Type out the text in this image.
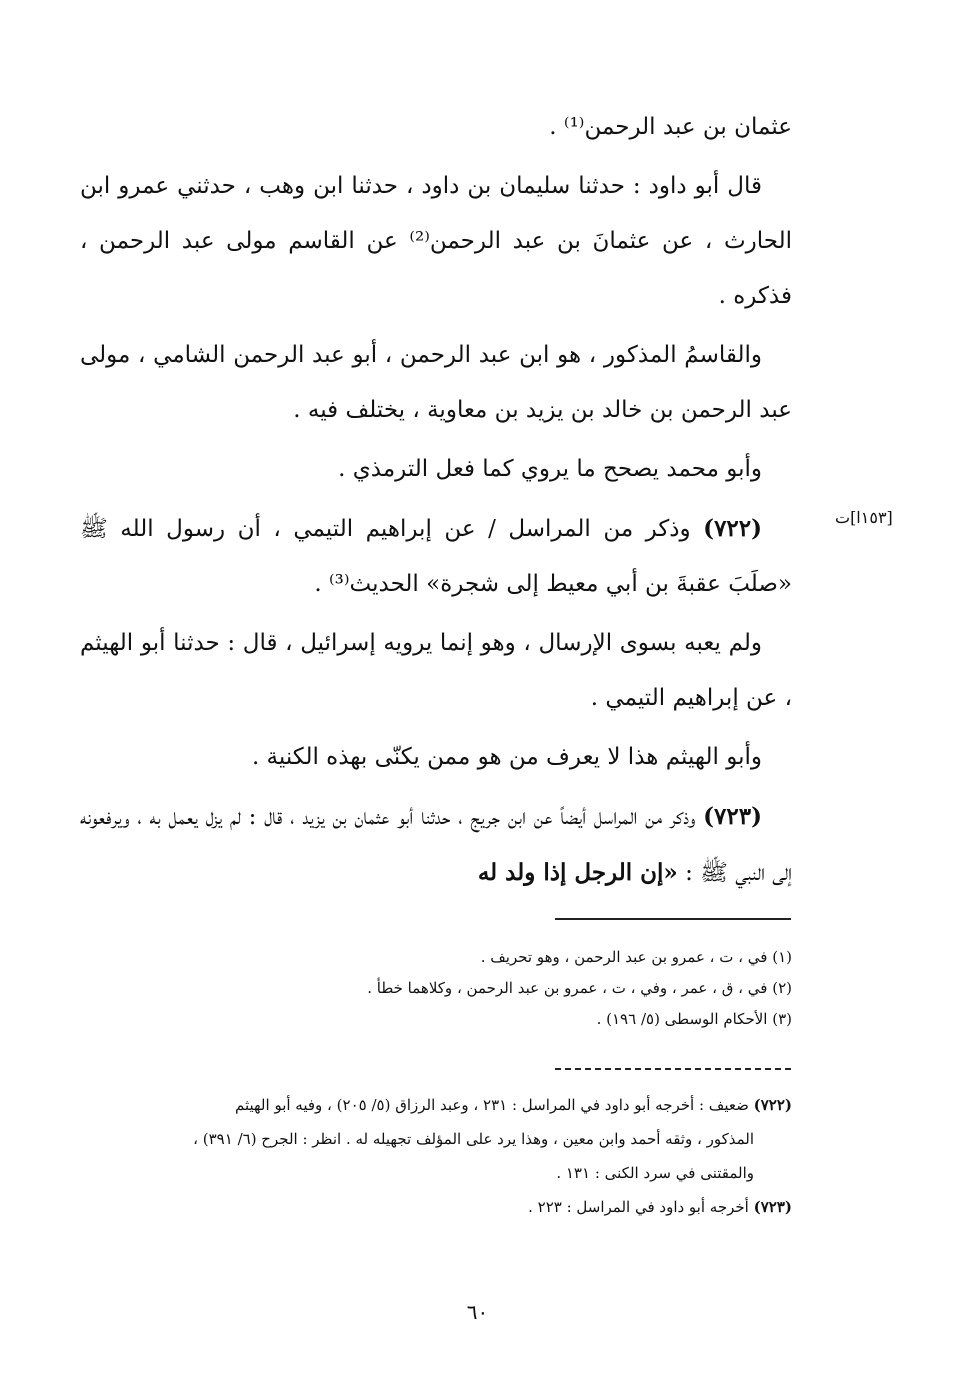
عثمان بن عبد الرحمن⁽¹⁾ .

قال أبو داود : حدثنا سليمان بن داود ، حدثنا ابن وهب ، حدثني عمرو ابن الحارث ، عن عثمانَ بن عبد الرحمن⁽²⁾ عن القاسم مولى عبد الرحمن ، فذكره .

والقاسمُ المذكور ، هو ابن عبد الرحمن ، أبو عبد الرحمن الشامي ، مولى عبد الرحمن بن خالد بن يزيد بن معاوية ، يختلف فيه .

وأبو محمد يصحح ما يروي كما فعل الترمذي .

(٧٢٢) وذكر من المراسل / عن إبراهيم التيمي ، أن رسول الله ﷺ «صلَبَ عقبةَ بن أبي معيط إلى شجرة» الحديث⁽³⁾ .

ولم يعبه بسوى الإرسال ، وهو إنما يرويه إسرائيل ، قال : حدثنا أبو الهيثم ، عن إبراهيم التيمي .

وأبو الهيثم هذا لا يعرف من هو ممن يكنّى بهذه الكنية .

(٧٢٣) وذكر من المراسل أيضاً عن ابن جريج ، حدثنا أبو عثمان بن يزيد ، قال : لم يزل يعمل به ، ويرفعونه إلى النبي ﷺ : «إن الرجل إذا ولد له

[١٥٣ا]ت
(١) في ، ت ، عمرو بن عبد الرحمن ، وهو تحريف .
(٢) في ، ق ، عمر ، وفي ، ت ، عمرو بن عبد الرحمن ، وكلاهما خطأ .
(٣) الأحكام الوسطى (٥/ ١٩٦) .
(٧٢٢) ضعيف : أخرجه أبو داود في المراسل : ٢٣١ ، وعبد الرزاق (٥/ ٢٠٥) ، وفيه أبو الهيثم
المذكور ، وثقه أحمد وابن معين ، وهذا يرد على المؤلف تجهيله له . انظر : الجرح (٦/ ٣٩١) ،
والمقتنى في سرد الكنى : ١٣١ .
(٧٢٣) أخرجه أبو داود في المراسل : ٢٢٣ .
٦٠
